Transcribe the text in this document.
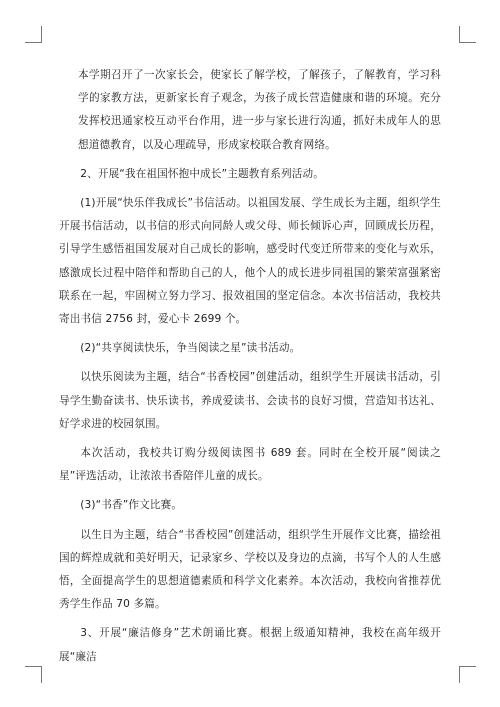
本学期召开了一次家长会，使家长了解学校，了解孩子，了解教育，学习科学的家教方法，更新家长育子观念，为孩子成长营造健康和谐的环境。充分发挥校迅通家校互动平台作用，进一步与家长进行沟通，抓好未成年人的思想道德教育，以及心理疏导，形成家校联合教育网络。

2、开展“我在祖国怀抱中成长”主题教育系列活动。

(1)开展“快乐伴我成长”书信活动。以祖国发展、学生成长为主题，组织学生开展书信活动，以书信的形式向同龄人或父母、师长倾诉心声，回顾成长历程，引导学生感悟祖国发展对自己成长的影响，感受时代变迁所带来的变化与欢乐，感激成长过程中陪伴和帮助自己的人，他个人的成长进步同祖国的繁荣富强紧密联系在一起，牢固树立努力学习、报效祖国的坚定信念。本次书信活动，我校共寄出书信 2756 封，爱心卡 2699 个。

(2)“共享阅读快乐，争当阅读之星”读书活动。

以快乐阅读为主题，结合“书香校园”创建活动，组织学生开展读书活动，引导学生勤奋读书、快乐读书，养成爱读书、会读书的良好习惯，营造知书达礼、好学求进的校园氛围。

本次活动，我校共订购分级阅读图书 689 套。同时在全校开展“阅读之星”评选活动，让浓浓书香陪伴儿童的成长。

(3)“书香”作文比赛。

以生日为主题，结合“书香校园”创建活动，组织学生开展作文比赛，描绘祖国的辉煌成就和美好明天，记录家乡、学校以及身边的点滴，书写个人的人生感悟，全面提高学生的思想道德素质和科学文化素养。本次活动，我校向省推荐优秀学生作品 70 多篇。

3、开展“廉洁修身”艺术朗诵比赛。根据上级通知精神，我校在高年级开展“廉洁
